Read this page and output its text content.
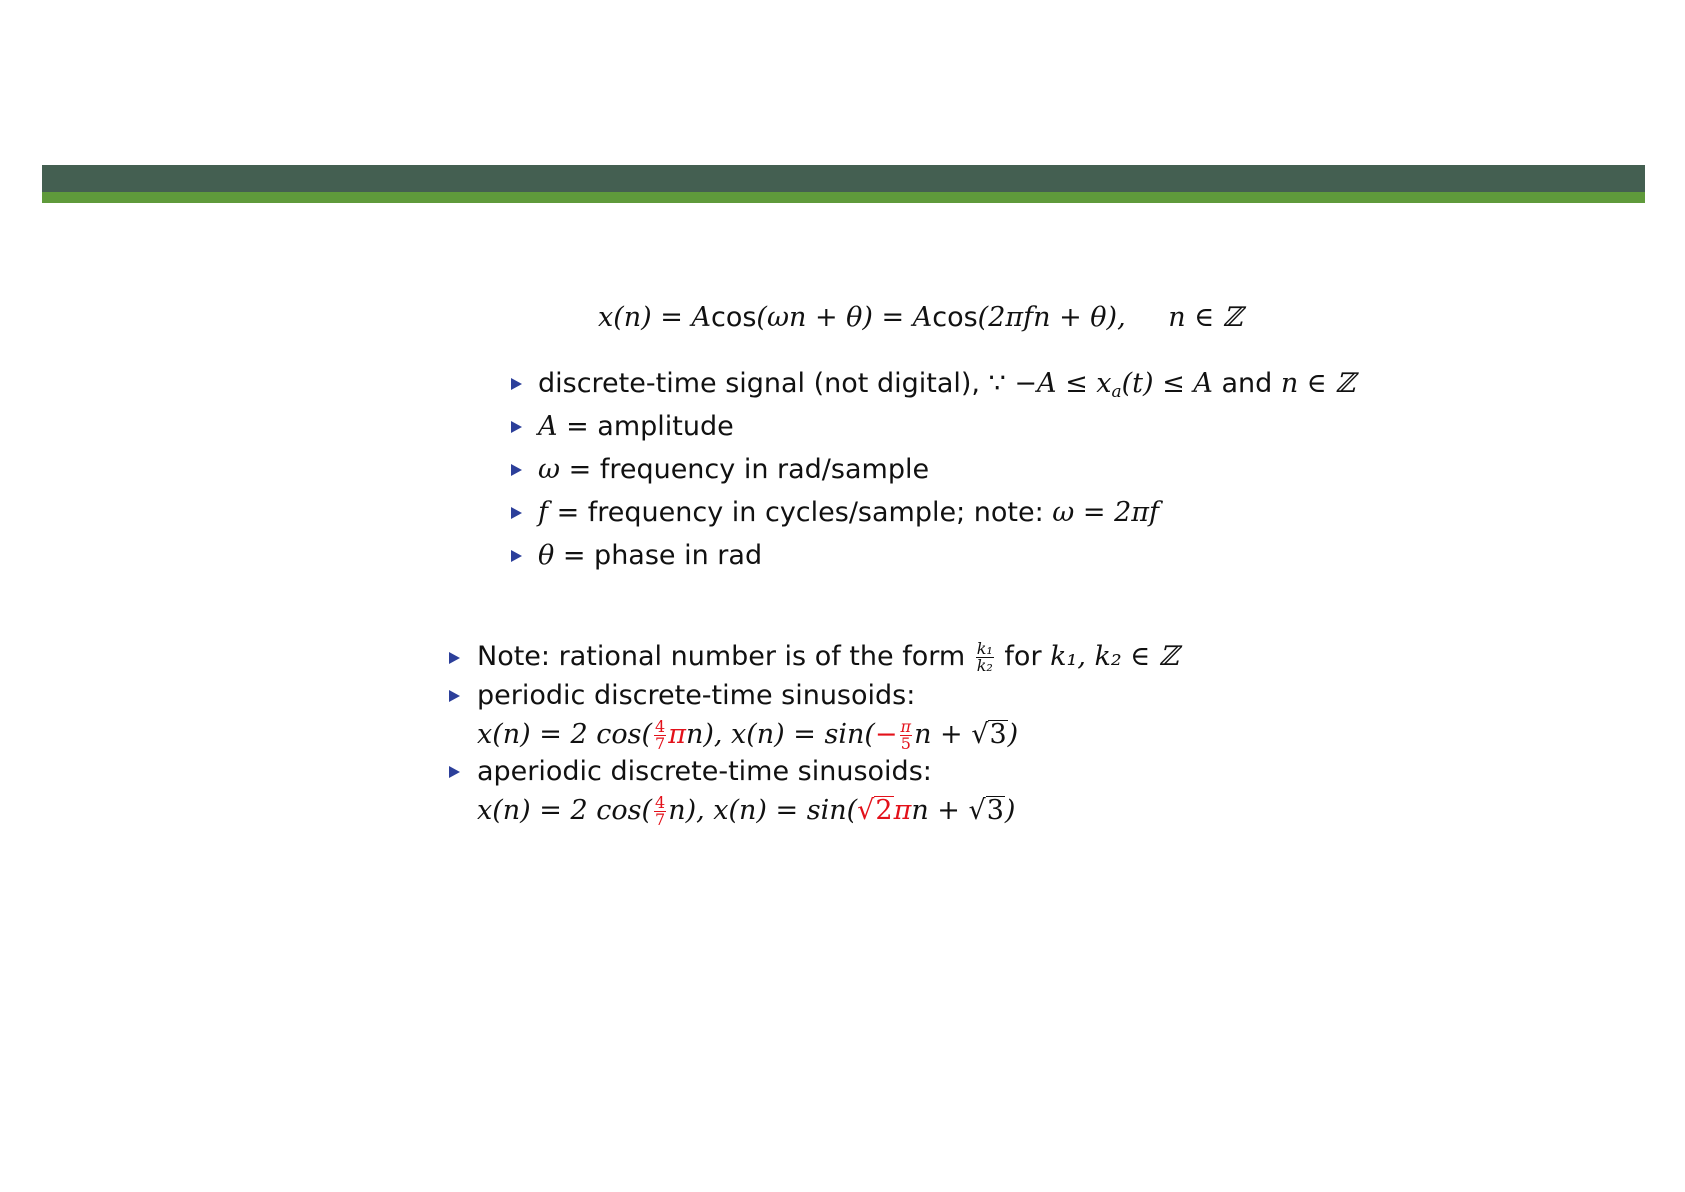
x(n) = Acos(ωn + θ) = Acos(2πfn + θ), n ∈ ℤ
discrete-time signal (not digital), ∵ $-A \le x_a(t) \le A$ and n ∈ ℤ
A = amplitude
ω = frequency in rad/sample
f = frequency in cycles/sample; note: ω = 2πf
θ = phase in rad
Note: rational number is of the form $\frac{\text{k₁}}{\text{k₂}}$ for k₁, k₂ ∈ ℤ
periodic discrete-time sinusoids:
x(n) = 2 $\cos( \frac{4}{7} \pi n)$, $x(n) = \sin(- \frac{\pi}{5}$ n + √3)
aperiodic discrete-time sinusoids:
x(n) = 2 $\cos( \frac{4}{7} n)$, x(n) = sin(√2πn + √3)
